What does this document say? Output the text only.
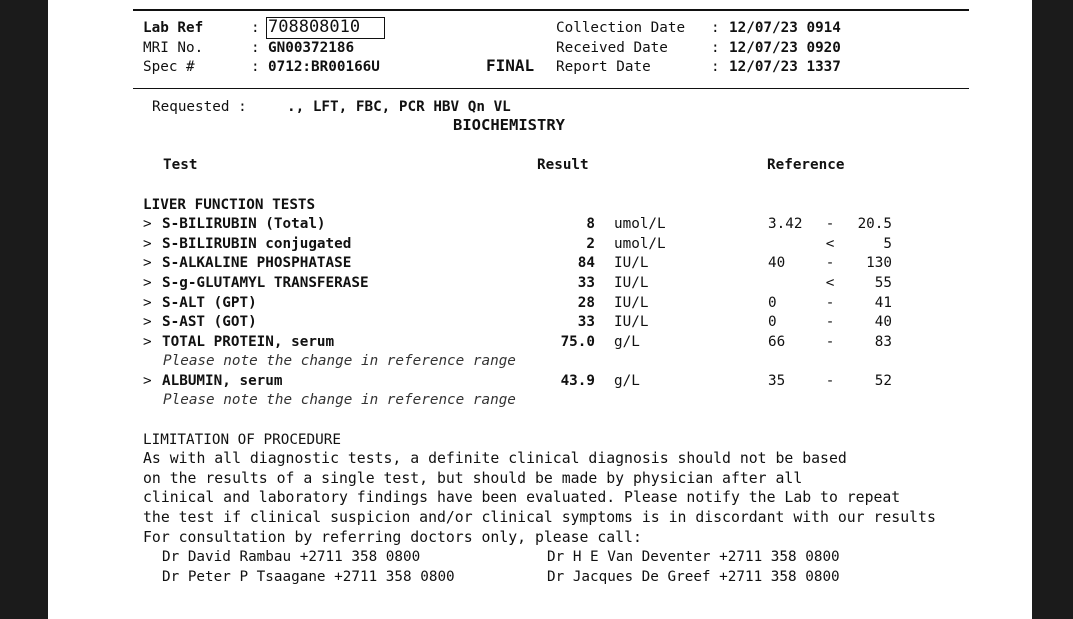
Lab Ref	: 708808010
MRI No.	: GN00372186
Spec #	: 0712:BR00166U	FINAL
Collection Date : 12/07/23 0914
Received Date	: 12/07/23 0920
Report Date	: 12/07/23 1337
Requested :	., LFT, FBC, PCR HBV Qn VL
BIOCHEMISTRY
Test	Result	Reference
LIVER FUNCTION TESTS
> S-BILIRUBIN (Total)	8 umol/L	3.42	-	20.5
> S-BILIRUBIN conjugated	2 umol/L	<	5
> S-ALKALINE PHOSPHATASE	84 IU/L	40	-	130
> S-g-GLUTAMYL TRANSFERASE	33 IU/L	<	55
> S-ALT (GPT)	28 IU/L	0	-	41
> S-AST (GOT)	33 IU/L	0	-	40
> TOTAL PROTEIN, serum	75.0 g/L	66	-	83
Please note the change in reference range
> ALBUMIN, serum	43.9 g/L	35	-	52
Please note the change in reference range
LIMITATION OF PROCEDURE
As with all diagnostic tests, a definite clinical diagnosis should not be based
on the results of a single test, but should be made by physician after all
clinical and laboratory findings have been evaluated. Please notify the Lab to repeat
the test if clinical suspicion and/or clinical symptoms is in discordant with our results
For consultation by referring doctors only, please call:
Dr David Rambau +2711 358 0800	Dr H E Van Deventer +2711 358 0800
Dr Peter P Tsaagane +2711 358 0800	Dr Jacques De Greef +2711 358 0800
